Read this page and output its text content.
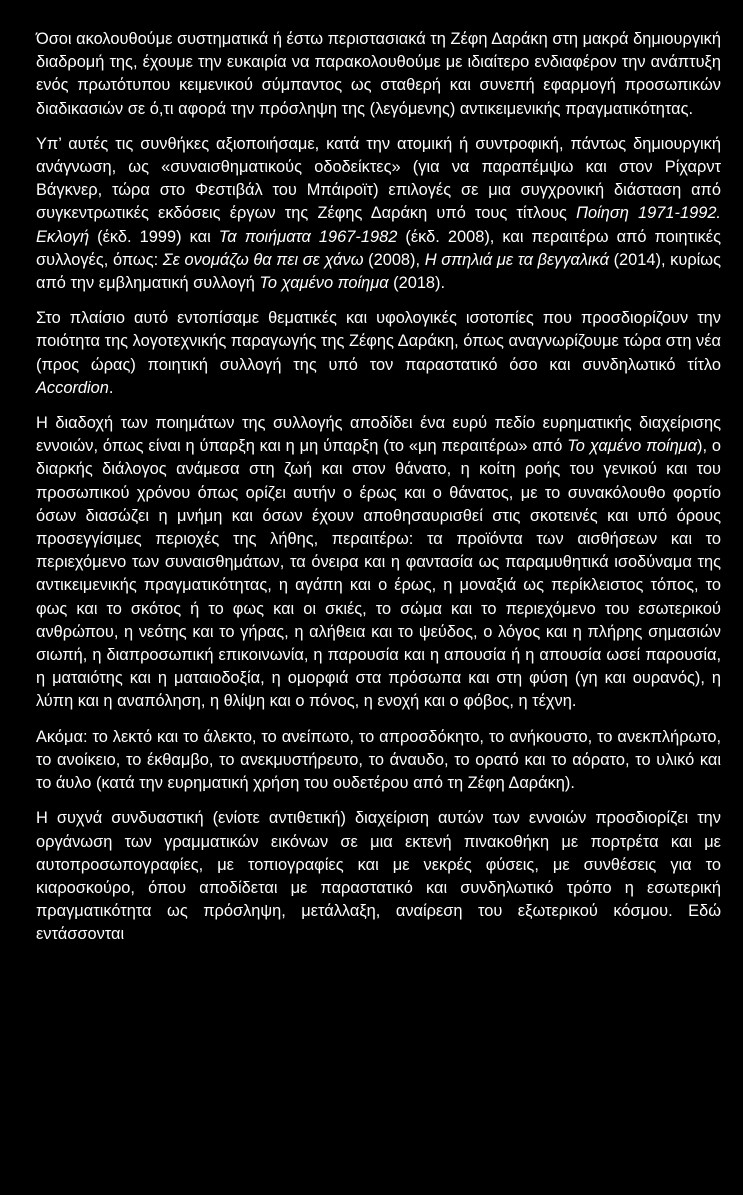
Όσοι ακολουθούμε συστηματικά ή έστω περιστασιακά τη Ζέφη Δαράκη στη μακρά δημιουργική διαδρομή της, έχουμε την ευκαιρία να παρακολουθούμε με ιδιαίτερο ενδιαφέρον την ανάπτυξη ενός πρωτότυπου κειμενικού σύμπαντος ως σταθερή και συνεπή εφαρμογή προσωπικών διαδικασιών σε ό,τι αφορά την πρόσληψη της (λεγόμενης) αντικειμενικής πραγματικότητας.

Υπ’ αυτές τις συνθήκες αξιοποιήσαμε, κατά την ατομική ή συντροφική, πάντως δημιουργική ανάγνωση, ως «συναισθηματικούς οδοδείκτες» (για να παραπέμψω και στον Ρίχαρντ Βάγκνερ, τώρα στο Φεστιβάλ του Μπάιροϊτ) επιλογές σε μια συγχρονική διάσταση από συγκεντρωτικές εκδόσεις έργων της Ζέφης Δαράκη υπό τους τίτλους Ποίηση 1971-1992. Εκλογή (έκδ. 1999) και Τα ποιήματα 1967-1982 (έκδ. 2008), και περαιτέρω από ποιητικές συλλογές, όπως: Σε ονομάζω θα πει σε χάνω (2008), Η σπηλιά με τα βεγγαλικά (2014), κυρίως από την εμβληματική συλλογή Το χαμένο ποίημα (2018).

Στο πλαίσιο αυτό εντοπίσαμε θεματικές και υφολογικές ισοτοπίες που προσδιορίζουν την ποιότητα της λογοτεχνικής παραγωγής της Ζέφης Δαράκη, όπως αναγνωρίζουμε τώρα στη νέα (προς ώρας) ποιητική συλλογή της υπό τον παραστατικό όσο και συνδηλωτικό τίτλο Accordion.

Η διαδοχή των ποιημάτων της συλλογής αποδίδει ένα ευρύ πεδίο ευρηματικής διαχείρισης εννοιών, όπως είναι η ύπαρξη και η μη ύπαρξη (το «μη περαιτέρω» από Το χαμένο ποίημα), ο διαρκής διάλογος ανάμεσα στη ζωή και στον θάνατο, η κοίτη ροής του γενικού και του προσωπικού χρόνου όπως ορίζει αυτήν ο έρως και ο θάνατος, με το συνακόλουθο φορτίο όσων διασώζει η μνήμη και όσων έχουν αποθησαυρισθεί στις σκοτεινές και υπό όρους προσεγγίσιμες περιοχές της λήθης, περαιτέρω: τα προϊόντα των αισθήσεων και το περιεχόμενο των συναισθημάτων, τα όνειρα και η φαντασία ως παραμυθητικά ισοδύναμα της αντικειμενικής πραγματικότητας, η αγάπη και ο έρως, η μοναξιά ως περίκλειστος τόπος, το φως και το σκότος ή το φως και οι σκιές, το σώμα και το περιεχόμενο του εσωτερικού ανθρώπου, η νεότης και το γήρας, η αλήθεια και το ψεύδος, ο λόγος και η πλήρης σημασιών σιωπή, η διαπροσωπική επικοινωνία, η παρουσία και η απουσία ή η απουσία ωσεί παρουσία, η ματαιότης και η ματαιοδοξία, η ομορφιά στα πρόσωπα και στη φύση (γη και ουρανός), η λύπη και η αναπόληση, η θλίψη και ο πόνος, η ενοχή και ο φόβος, η τέχνη.

Ακόμα: το λεκτό και το άλεκτο, το ανείπωτο, το απροσδόκητο, το ανήκουστο, το ανεκπλήρωτο, το ανοίκειο, το έκθαμβο, το ανεκμυστήρευτο, το άναυδο, το ορατό και το αόρατο, το υλικό και το άυλο (κατά την ευρηματική χρήση του ουδετέρου από τη Ζέφη Δαράκη).

Η συχνά συνδυαστική (ενίοτε αντιθετική) διαχείριση αυτών των εννοιών προσδιορίζει την οργάνωση των γραμματικών εικόνων σε μια εκτενή πινακοθήκη με πορτρέτα και με αυτοπροσωπογραφίες, με τοπιογραφίες και με νεκρές φύσεις, με συνθέσεις για το κιαροσκούρο, όπου αποδίδεται με παραστατικό και συνδηλωτικό τρόπο η εσωτερική πραγματικότητα ως πρόσληψη, μετάλλαξη, αναίρεση του εξωτερικού κόσμου. Εδώ εντάσσονται
